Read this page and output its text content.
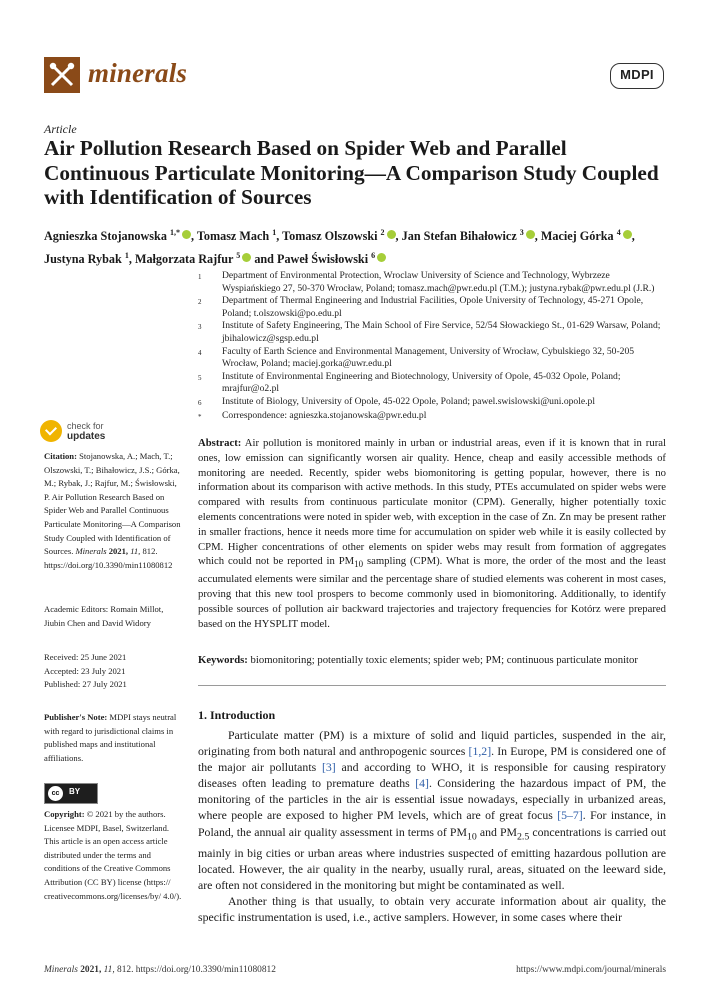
minerals	MDPI
Article
Air Pollution Research Based on Spider Web and Parallel Continuous Particulate Monitoring—A Comparison Study Coupled with Identification of Sources
Agnieszka Stojanowska $^{1,*}$ , Tomasz Mach $^1$, Tomasz Olszowski $^2$ , Jan Stefan Bihałowicz $^3$ , Maciej Górka $^4$ ,
Justyna Rybak $^1$, Małgorzata Rajfur $^5$ and Paweł Świsłowski $^6$
1	Department of Environmental Protection, Wroclaw University of Science and Technology, Wybrzeze Wyspiańskiego 27, 50-370 Wrocław, Poland; tomasz.mach@pwr.edu.pl (T.M.); justyna.rybak@pwr.edu.pl (J.R.)
2	Department of Thermal Engineering and Industrial Facilities, Opole University of Technology, 45-271 Opole, Poland; t.olszowski@po.edu.pl
3	Institute of Safety Engineering, The Main School of Fire Service, 52/54 Słowackiego St., 01-629 Warsaw, Poland; jbihalowicz@sgsp.edu.pl
4	Faculty of Earth Science and Environmental Management, University of Wrocław, Cybulskiego 32, 50-205 Wrocław, Poland; maciej.gorka@uwr.edu.pl
5	Institute of Environmental Engineering and Biotechnology, University of Opole, 45-032 Opole, Poland; mrajfur@o2.pl
6	Institute of Biology, University of Opole, 45-022 Opole, Poland; pawel.swislowski@uni.opole.pl
*	Correspondence: agnieszka.stojanowska@pwr.edu.pl
check for
updates
Citation: Stojanowska, A.; Mach, T.; Olszowski, T.; Bihałowicz, J.S.; Górka, M.; Rybak, J.; Rajfur, M.; Świsłowski, P. Air Pollution Research Based on Spider Web and Parallel Continuous Particulate Monitoring—A Comparison Study Coupled with Identification of Sources. Minerals 2021, 11, 812. https://doi.org/10.3390/min11080812
Academic Editors: Romain Millot, Jiubin Chen and David Widory
Received: 25 June 2021
Accepted: 23 July 2021
Published: 27 July 2021
Publisher's Note: MDPI stays neutral with regard to jurisdictional claims in published maps and institutional affiliations.
cc	BY
Copyright: © 2021 by the authors. Licensee MDPI, Basel, Switzerland. This article is an open access article distributed under the terms and conditions of the Creative Commons Attribution (CC BY) license (https:// creativecommons.org/licenses/by/ 4.0/).
Abstract: Air pollution is monitored mainly in urban or industrial areas, even if it is known that in rural ones, low emission can significantly worsen air quality. Hence, cheap and easily accessible methods of monitoring are needed. Recently, spider webs biomonitoring is getting popular, however, there is no information about its comparison with active methods. In this study, PTEs accumulated on spider webs were compared with results from continuous particulate monitor (CPM). Generally, higher potentially toxic elements concentrations were noted in spider web, with exception in the case of Zn. Zn may be present rather in smaller fractions, hence it needs more time for accumulation on spider web while it is easily collected by CPM. Higher concentrations of other elements on spider webs may result from formation of aggregates which could not be reported in $PM_{10}$ sampling (CPM). What is more, the order of the most and the least accumulated elements were similar and the percentage share of studied elements was coherent in most cases, proving that this new tool prospers to become commonly used in biomonitoring. Additionally, to identify possible sources of pollution air backward trajectories and trajectory frequencies for Kotórz were prepared based on the HYSPLIT model.
Keywords: biomonitoring; potentially toxic elements; spider web; PM; continuous particulate monitor
1. Introduction

Particulate matter (PM) is a mixture of solid and liquid particles, suspended in the air, originating from both natural and anthropogenic sources [1,2]. In Europe, PM is considered one of the major air pollutants [3] and according to WHO, it is responsible for causing respiratory diseases often leading to premature deaths [4]. Considering the hazardous impact of PM, the monitoring of the particles in the air is essential issue nowadays, especially in urbanized areas, where people are exposed to higher PM levels, which are of great focus [5–7]. For instance, in Poland, the annual air quality assessment in terms of $PM_{10}$ and $PM_{2.5}$ concentrations is carried out mainly in big cities or urban areas where industries suspected of emitting hazardous pollution are located. However, the air quality in the nearby, usually rural, areas, situated on the leeward side, are often not considered in the monitoring but might be contaminated as well.

Another thing is that usually, to obtain very accurate information about air quality, the specific instrumentation is used, i.e., active samplers. However, in some cases where their

Minerals 2021, 11, 812. https://doi.org/10.3390/min11080812	https://www.mdpi.com/journal/minerals
